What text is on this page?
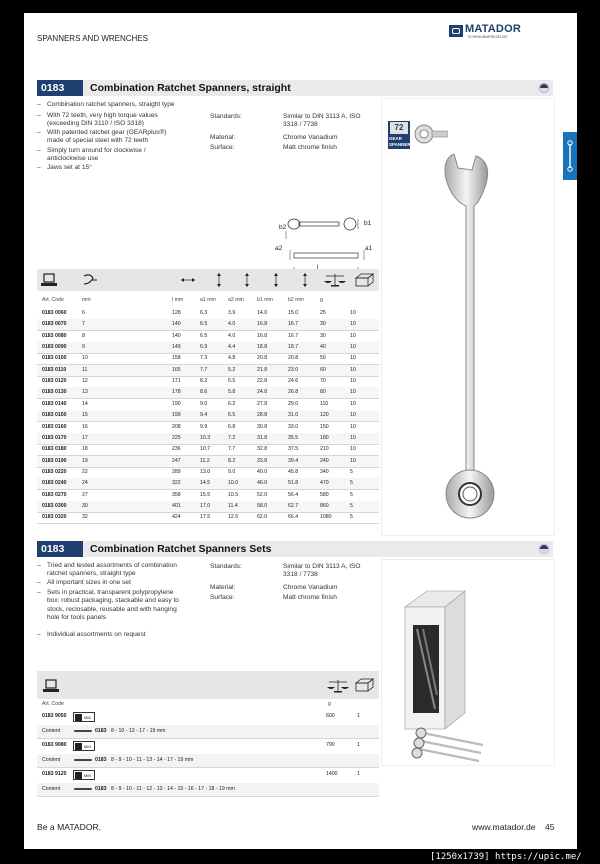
SPANNERS AND WRENCHES
MATADOR
SCHRAUBWERKZEUGE
0183	Combination Ratchet Spanners, straight
– Combination ratchet spanners, straight type
– With 72 teeth, very high torque values
(exceeding DIN 3110 / ISO 3318)
– With patented ratchet gear (GEARplus®)
made of special steel with 72 teeth
– Simply turn around for clockwise /
anticlockwise use
– Jaws set at 15°
Standards:	Similar to DIN 3113 A, ISO
3318 / 7738
Material:	Chrome Vanadium
Surface:	Matt chrome finish
b2
b1
a2	a1
l
Art. Code	mm	l mm	a1 mm a2 mm	b1 mm	b2 mm	g
0183 0060	6	128	6.3	3.9	14.0	15.0	25	10
0183 0070	7	140	6.5	4.0	16.8	16.7	30	10
0183 0080	8	140	6.5	4.0	16.8	16.7	30	10
0183 0090	9	149	6.9	4.4	18.8	18.7	40	10
0183 0100	10	158	7.3	4.8	20.8	20.8	50	10
0183 0110	11	165	7.7	5.2	21.8	23.0	60	10
0183 0120	12	171	8.2	5.5	22.8	24.6	70	10
0183 0130	13	178	8.6	5.8	24.8	26.8	80	10
0183 0140	14	190	9.0	6.2	27.8	29.0	110	10
0183 0150	15	199	9.4	6.5	28.8	31.0	120	10
0183 0160	16	208	9.9	6.8	30.8	33.0	150	10
0183 0170	17	225	10.3	7.2	31.8	35.5	180	10
0183 0180	18	236	10.7	7.7	32.8	37.5	210	10
0183 0190	19	247	11.2	8.2	33.8	39.4	240	10
0183 0220	22	289	13.0	9.0	40.0	45.8	340	5
0183 0240	24	322	14.5	10.0	46.0	51.8	470	5
0183 0270	27	358	15.5	10.5	52.0	56.4	580	5
0183 0300	30	401	17.0	11.4	58.0	62.7	860	5
0183 0320	32	424	17.5	12.5	62.0	66.4	1080	5
72
GEAR
SPANNER
0183	Combination Ratchet Spanners Sets
– Tried and tested assortments of combination
ratchet spanners, straight type
– All important sizes in one set
– Sets in practical, transparent polypropylene
box: robust packaging, stackable and easy to
stock, reclosable, reusable and with hanging
hole for tools panels
– Individual assortments on request
Standards:	Similar to DIN 3113 A, ISO
3318 / 7738
Material:	Chrome Vanadium
Surface:	Matt chrome finish
Art. Code	g
0183 9050	MM	600	1
Content	0183 8 - 10 - 13 - 17 - 19 mm
0183 9080	MM	790	1
Content	0183 8 - 9 - 10 - 11 - 13 - 14 - 17 - 19 mm
0183 9120	MM	1400	1
Content	0183 8 - 9 - 10 - 11 - 12 - 13 - 14 - 15 - 16 - 17 - 18 - 19 mm
Be a MATADOR.	www.matador.de 45
[1250x1739] https://upic.me/
